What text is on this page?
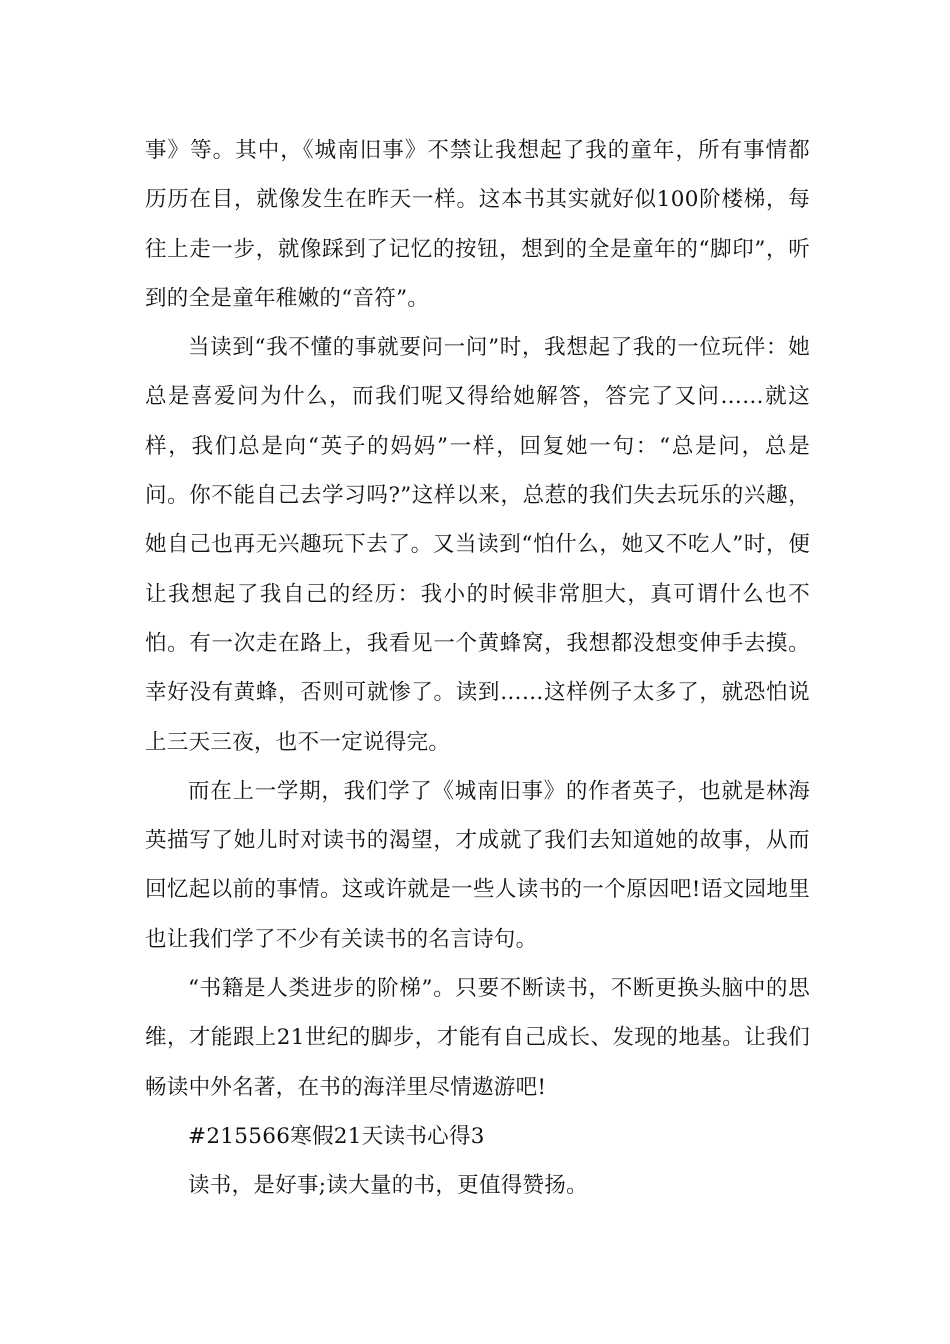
事》等。其中，《城南旧事》不禁让我想起了我的童年，所有事情都历历在目，就像发生在昨天一样。这本书其实就好似100阶楼梯，每往上走一步，就像踩到了记忆的按钮，想到的全是童年的“脚印”，听到的全是童年稚嫩的“音符”。

当读到“我不懂的事就要问一问”时，我想起了我的一位玩伴：她总是喜爱问为什么，而我们呢又得给她解答，答完了又问……就这样，我们总是向“英子的妈妈”一样，回复她一句：“总是问，总是问。你不能自己去学习吗?”这样以来，总惹的我们失去玩乐的兴趣，她自己也再无兴趣玩下去了。又当读到“怕什么，她又不吃人”时，便让我想起了我自己的经历：我小的时候非常胆大，真可谓什么也不怕。有一次走在路上，我看见一个黄蜂窝，我想都没想变伸手去摸。幸好没有黄蜂，否则可就惨了。读到……这样例子太多了，就恐怕说上三天三夜，也不一定说得完。

而在上一学期，我们学了《城南旧事》的作者英子，也就是林海英描写了她儿时对读书的渴望，才成就了我们去知道她的故事，从而回忆起以前的事情。这或许就是一些人读书的一个原因吧!语文园地里也让我们学了不少有关读书的名言诗句。

“书籍是人类进步的阶梯”。只要不断读书，不断更换头脑中的思维，才能跟上21世纪的脚步，才能有自己成长、发现的地基。让我们畅读中外名著，在书的海洋里尽情遨游吧!

#215566寒假21天读书心得3

读书，是好事;读大量的书，更值得赞扬。
